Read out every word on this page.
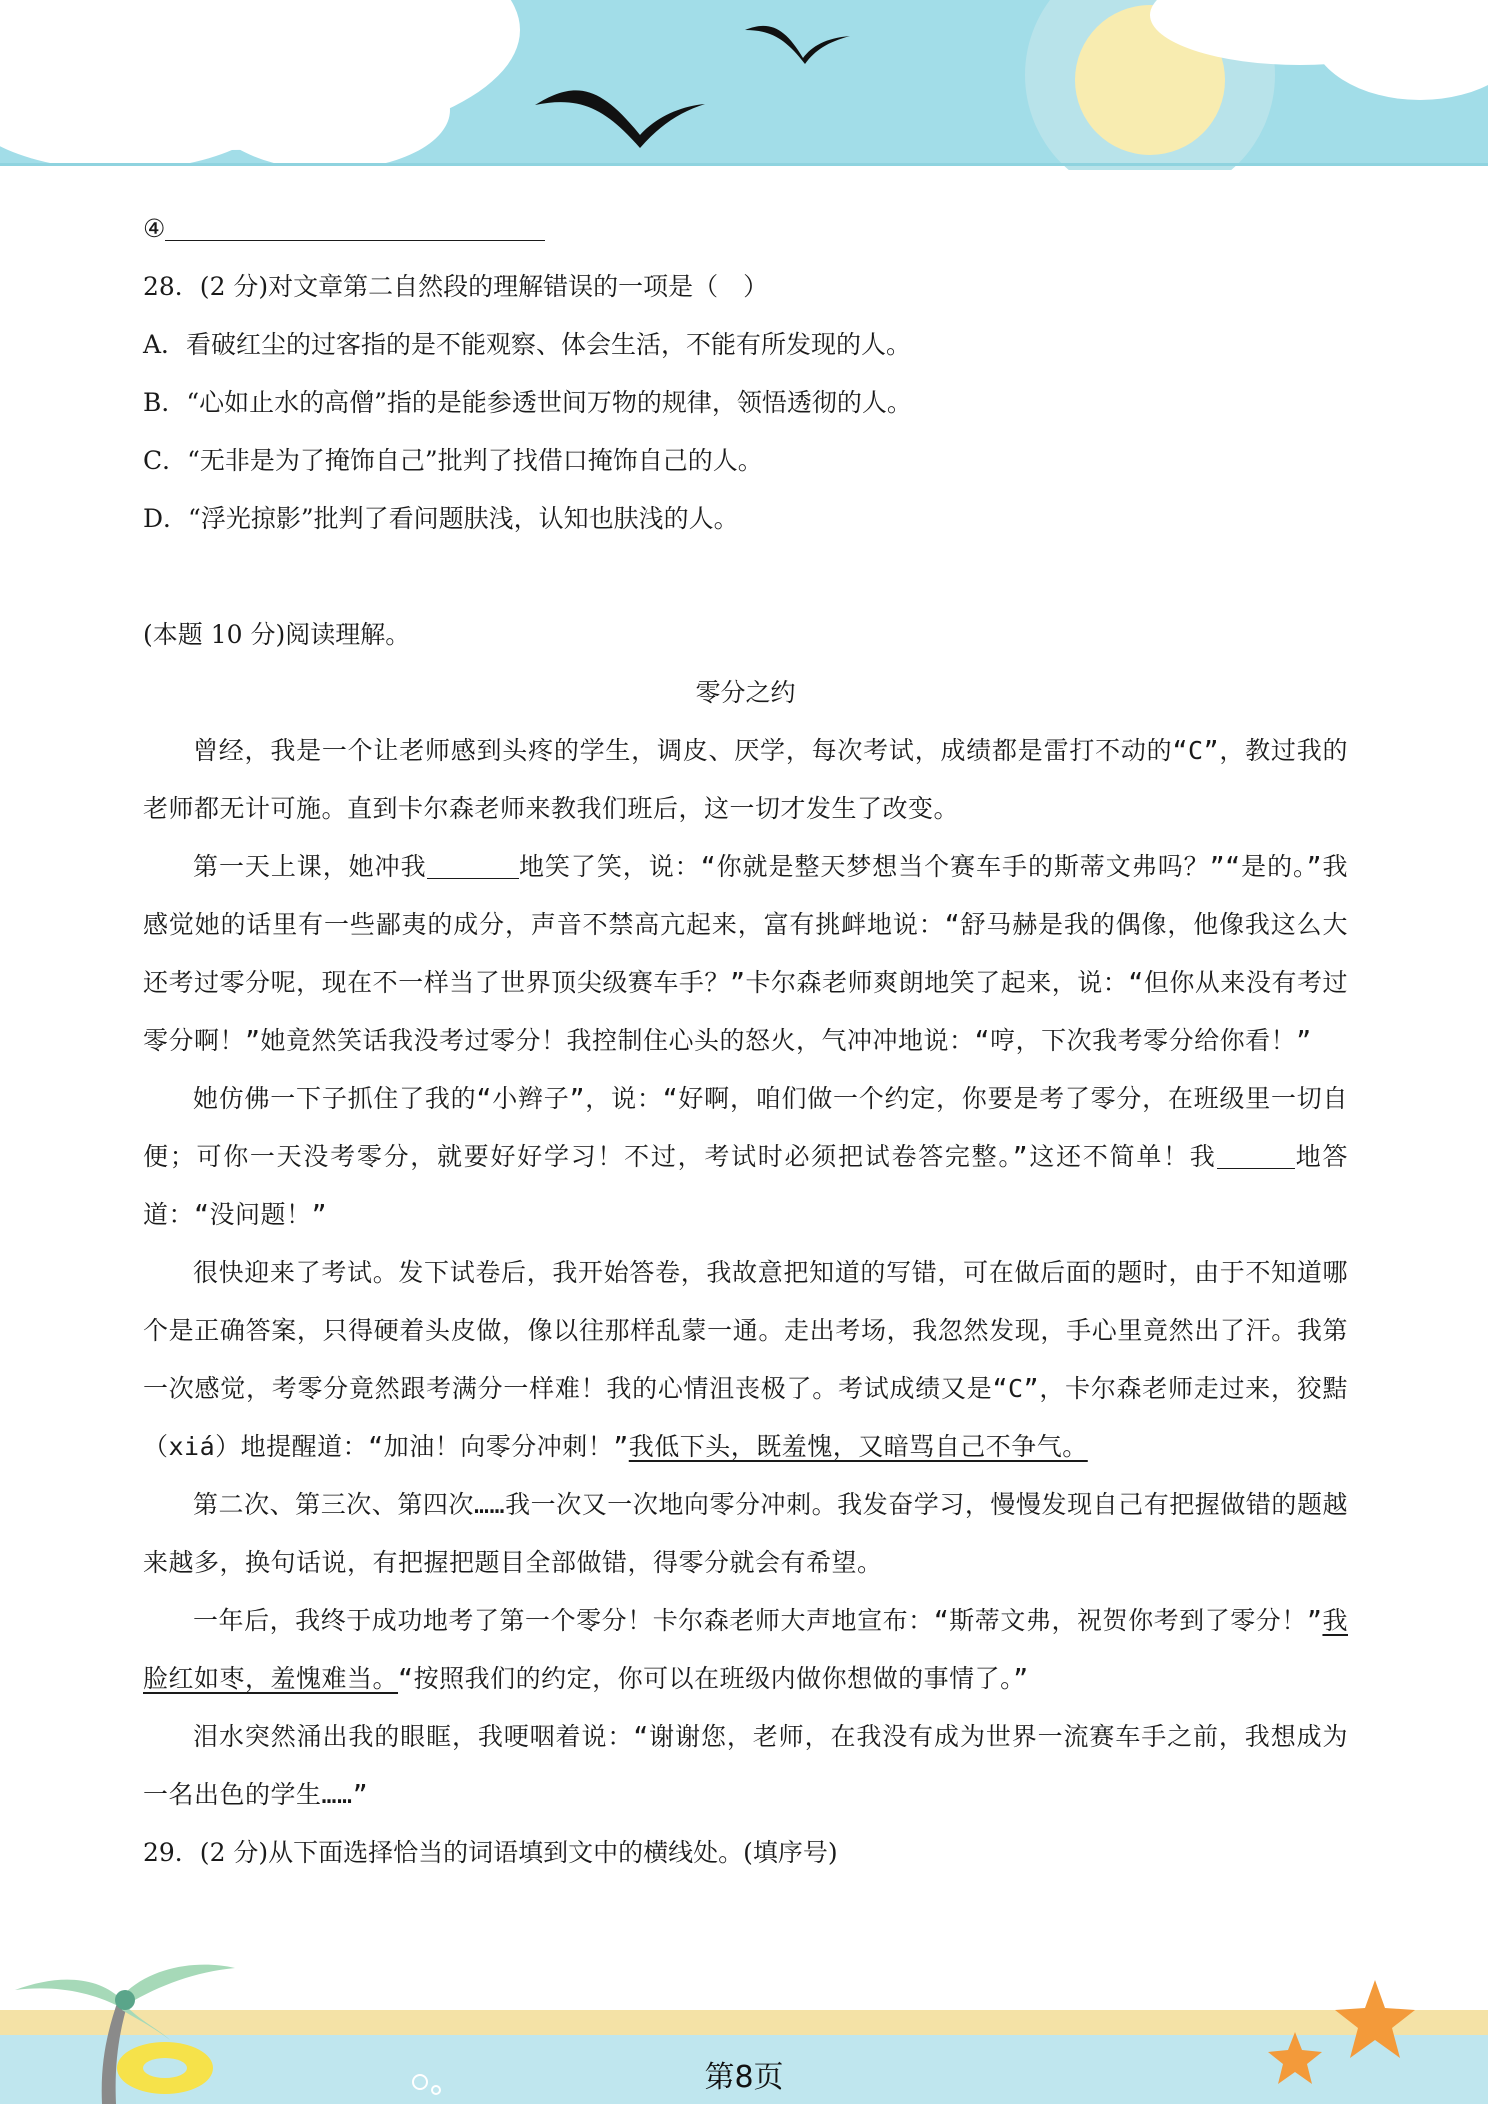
④

28．(2 分)对文章第二自然段的理解错误的一项是（　）

A．看破红尘的过客指的是不能观察、体会生活，不能有所发现的人。

B．“心如止水的高僧”指的是能参透世间万物的规律，领悟透彻的人。

C．“无非是为了掩饰自己”批判了找借口掩饰自己的人。

D．“浮光掠影”批判了看问题肤浅，认知也肤浅的人。

(本题 10 分)阅读理解。

零分之约

曾经，我是一个让老师感到头疼的学生，调皮、厌学，每次考试，成绩都是雷打不动的“C”，教过我的老师都无计可施。直到卡尔森老师来教我们班后，这一切才发生了改变。

第一天上课，她冲我	地笑了笑，说：“你就是整天梦想当个赛车手的斯蒂文弗吗？”“是的。”我感觉她的话里有一些鄙夷的成分，声音不禁高亢起来，富有挑衅地说：“舒马赫是我的偶像，他像我这么大还考过零分呢，现在不一样当了世界顶尖级赛车手？”卡尔森老师爽朗地笑了起来，说：“但你从来没有考过零分啊！”她竟然笑话我没考过零分！我控制住心头的怒火，气冲冲地说：“哼，下次我考零分给你看！”

她仿佛一下子抓住了我的“小辫子”，说：“好啊，咱们做一个约定，你要是考了零分，在班级里一切自便；可你一天没考零分，就要好好学习！不过，考试时必须把试卷答完整。”这还不简单！我	地答道：“没问题！”

很快迎来了考试。发下试卷后，我开始答卷，我故意把知道的写错，可在做后面的题时，由于不知道哪个是正确答案，只得硬着头皮做，像以往那样乱蒙一通。走出考场，我忽然发现，手心里竟然出了汗。我第一次感觉，考零分竟然跟考满分一样难！我的心情沮丧极了。考试成绩又是“C”，卡尔森老师走过来，狡黠（xiá）地提醒道：“加油！向零分冲刺！”我低下头，既羞愧，又暗骂自己不争气。

第二次、第三次、第四次……我一次又一次地向零分冲刺。我发奋学习，慢慢发现自己有把握做错的题越来越多，换句话说，有把握把题目全部做错，得零分就会有希望。

一年后，我终于成功地考了第一个零分！卡尔森老师大声地宣布：“斯蒂文弗，祝贺你考到了零分！”我脸红如枣，羞愧难当。“按照我们的约定，你可以在班级内做你想做的事情了。”

泪水突然涌出我的眼眶，我哽咽着说：“谢谢您，老师，在我没有成为世界一流赛车手之前，我想成为一名出色的学生……”

29．(2 分)从下面选择恰当的词语填到文中的横线处。(填序号)

第8页
